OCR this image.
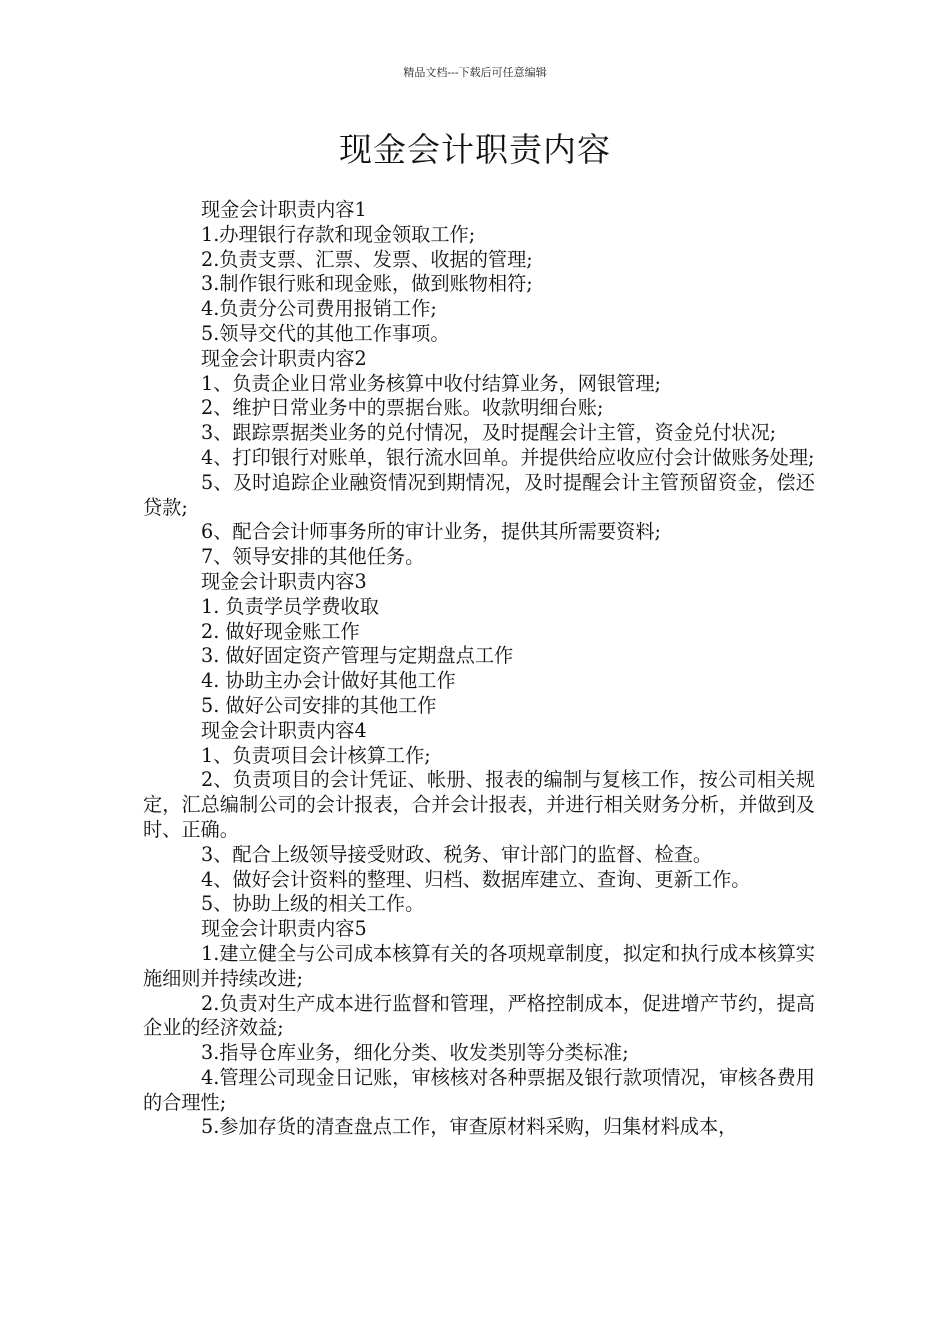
精品文档---下载后可任意编辑
现金会计职责内容

现金会计职责内容1

1.办理银行存款和现金领取工作;

2.负责支票、汇票、发票、收据的管理;

3.制作银行账和现金账，做到账物相符;

4.负责分公司费用报销工作;

5.领导交代的其他工作事项。

现金会计职责内容2

1、负责企业日常业务核算中收付结算业务，网银管理;

2、维护日常业务中的票据台账。收款明细台账;

3、跟踪票据类业务的兑付情况，及时提醒会计主管，资金兑付状况;

4、打印银行对账单，银行流水回单。并提供给应收应付会计做账务处理;

5、及时追踪企业融资情况到期情况，及时提醒会计主管预留资金，偿还贷款;

6、配合会计师事务所的审计业务，提供其所需要资料;

7、领导安排的其他任务。

现金会计职责内容3

1. 负责学员学费收取

2. 做好现金账工作

3. 做好固定资产管理与定期盘点工作

4. 协助主办会计做好其他工作

5. 做好公司安排的其他工作

现金会计职责内容4

1、负责项目会计核算工作;

2、负责项目的会计凭证、帐册、报表的编制与复核工作，按公司相关规定，汇总编制公司的会计报表，合并会计报表，并进行相关财务分析，并做到及时、正确。

3、配合上级领导接受财政、税务、审计部门的监督、检查。

4、做好会计资料的整理、归档、数据库建立、查询、更新工作。

5、协助上级的相关工作。

现金会计职责内容5

1.建立健全与公司成本核算有关的各项规章制度，拟定和执行成本核算实施细则并持续改进;

2.负责对生产成本进行监督和管理，严格控制成本，促进增产节约，提高企业的经济效益;

3.指导仓库业务，细化分类、收发类别等分类标准;

4.管理公司现金日记账，审核核对各种票据及银行款项情况，审核各费用的合理性;

5.参加存货的清查盘点工作，审查原材料采购，归集材料成本，
